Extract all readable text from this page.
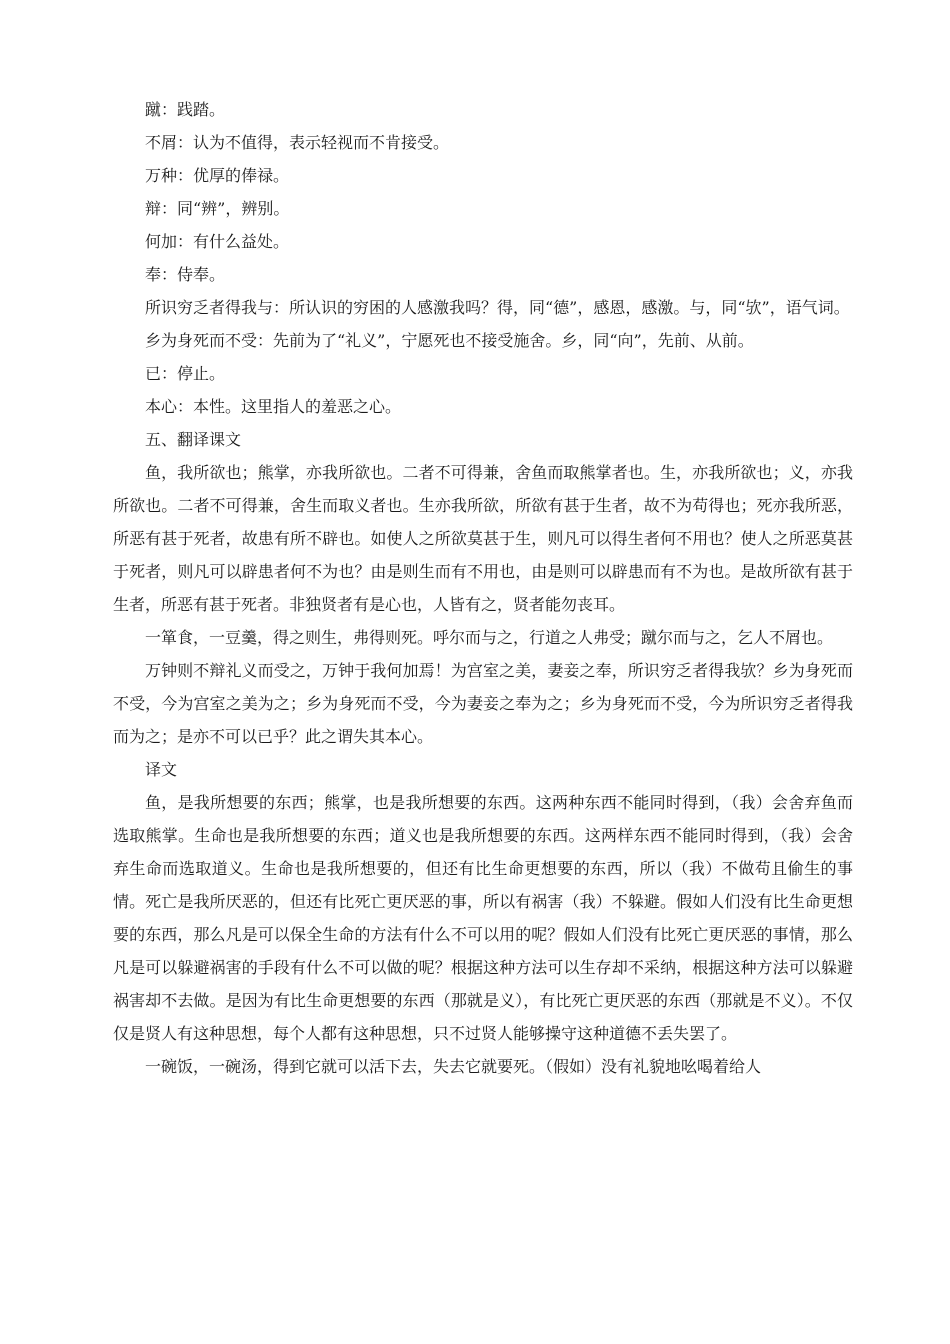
蹴：践踏。

不屑：认为不值得，表示轻视而不肯接受。

万种：优厚的俸禄。

辩：同“辨”，辨别。

何加：有什么益处。

奉：侍奉。

所识穷乏者得我与：所认识的穷困的人感激我吗？得，同“德”，感恩，感激。与，同“欤”，语气词。

乡为身死而不受：先前为了“礼义”，宁愿死也不接受施舍。乡，同“向”，先前、从前。

已：停止。

本心：本性。这里指人的羞恶之心。

五、翻译课文

鱼，我所欲也；熊掌，亦我所欲也。二者不可得兼，舍鱼而取熊掌者也。生，亦我所欲也；义，亦我所欲也。二者不可得兼，舍生而取义者也。生亦我所欲，所欲有甚于生者，故不为苟得也；死亦我所恶，所恶有甚于死者，故患有所不辟也。如使人之所欲莫甚于生，则凡可以得生者何不用也？使人之所恶莫甚于死者，则凡可以辟患者何不为也？由是则生而有不用也，由是则可以辟患而有不为也。是故所欲有甚于生者，所恶有甚于死者。非独贤者有是心也，人皆有之，贤者能勿丧耳。

一箪食，一豆羹，得之则生，弗得则死。呼尔而与之，行道之人弗受；蹴尔而与之，乞人不屑也。

万钟则不辩礼义而受之，万钟于我何加焉！为宫室之美，妻妾之奉，所识穷乏者得我欤？乡为身死而不受，今为宫室之美为之；乡为身死而不受，今为妻妾之奉为之；乡为身死而不受，今为所识穷乏者得我而为之；是亦不可以已乎？此之谓失其本心。

译文

鱼，是我所想要的东西；熊掌，也是我所想要的东西。这两种东西不能同时得到，（我）会舍弃鱼而选取熊掌。生命也是我所想要的东西；道义也是我所想要的东西。这两样东西不能同时得到，（我）会舍弃生命而选取道义。生命也是我所想要的，但还有比生命更想要的东西，所以（我）不做苟且偷生的事情。死亡是我所厌恶的，但还有比死亡更厌恶的事，所以有祸害（我）不躲避。假如人们没有比生命更想要的东西，那么凡是可以保全生命的方法有什么不可以用的呢？假如人们没有比死亡更厌恶的事情，那么凡是可以躲避祸害的手段有什么不可以做的呢？根据这种方法可以生存却不采纳，根据这种方法可以躲避祸害却不去做。是因为有比生命更想要的东西（那就是义），有比死亡更厌恶的东西（那就是不义）。不仅仅是贤人有这种思想，每个人都有这种思想，只不过贤人能够操守这种道德不丢失罢了。

一碗饭，一碗汤，得到它就可以活下去，失去它就要死。（假如）没有礼貌地吆喝着给人
